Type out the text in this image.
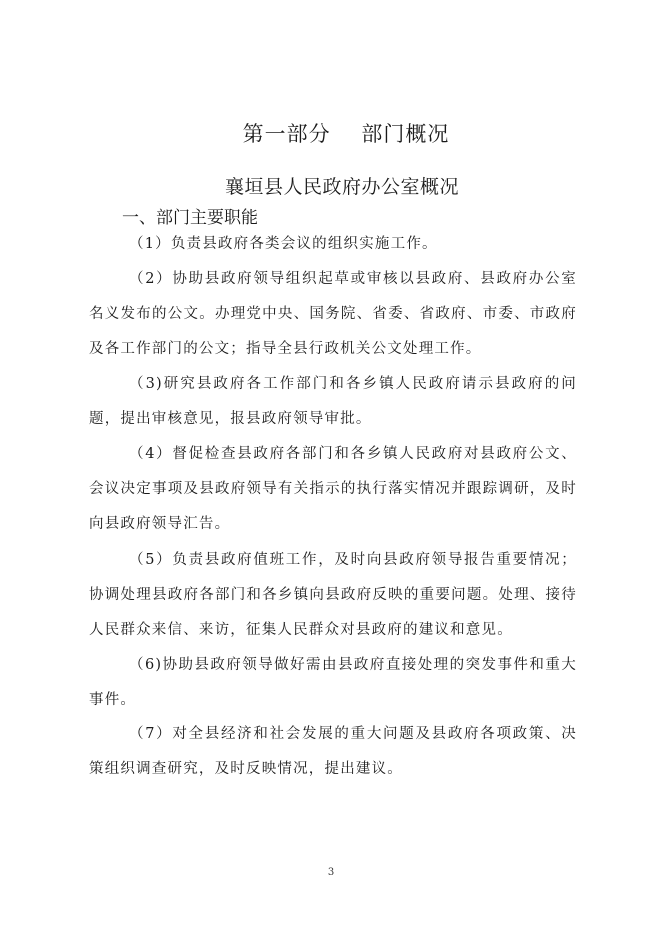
第一部分    部门概况
襄垣县人民政府办公室概况
一、部门主要职能

（1）负责县政府各类会议的组织实施工作。

（2）协助县政府领导组织起草或审核以县政府、县政府办公室名义发布的公文。办理党中央、国务院、省委、省政府、市委、市政府及各工作部门的公文；指导全县行政机关公文处理工作。

（3)研究县政府各工作部门和各乡镇人民政府请示县政府的问题，提出审核意见，报县政府领导审批。

（4）督促检查县政府各部门和各乡镇人民政府对县政府公文、会议决定事项及县政府领导有关指示的执行落实情况并跟踪调研，及时向县政府领导汇告。

（5）负责县政府值班工作，及时向县政府领导报告重要情况；协调处理县政府各部门和各乡镇向县政府反映的重要问题。处理、接待人民群众来信、来访，征集人民群众对县政府的建议和意见。

（6)协助县政府领导做好需由县政府直接处理的突发事件和重大事件。

（7）对全县经济和社会发展的重大问题及县政府各项政策、决策组织调查研究，及时反映情况，提出建议。

3
